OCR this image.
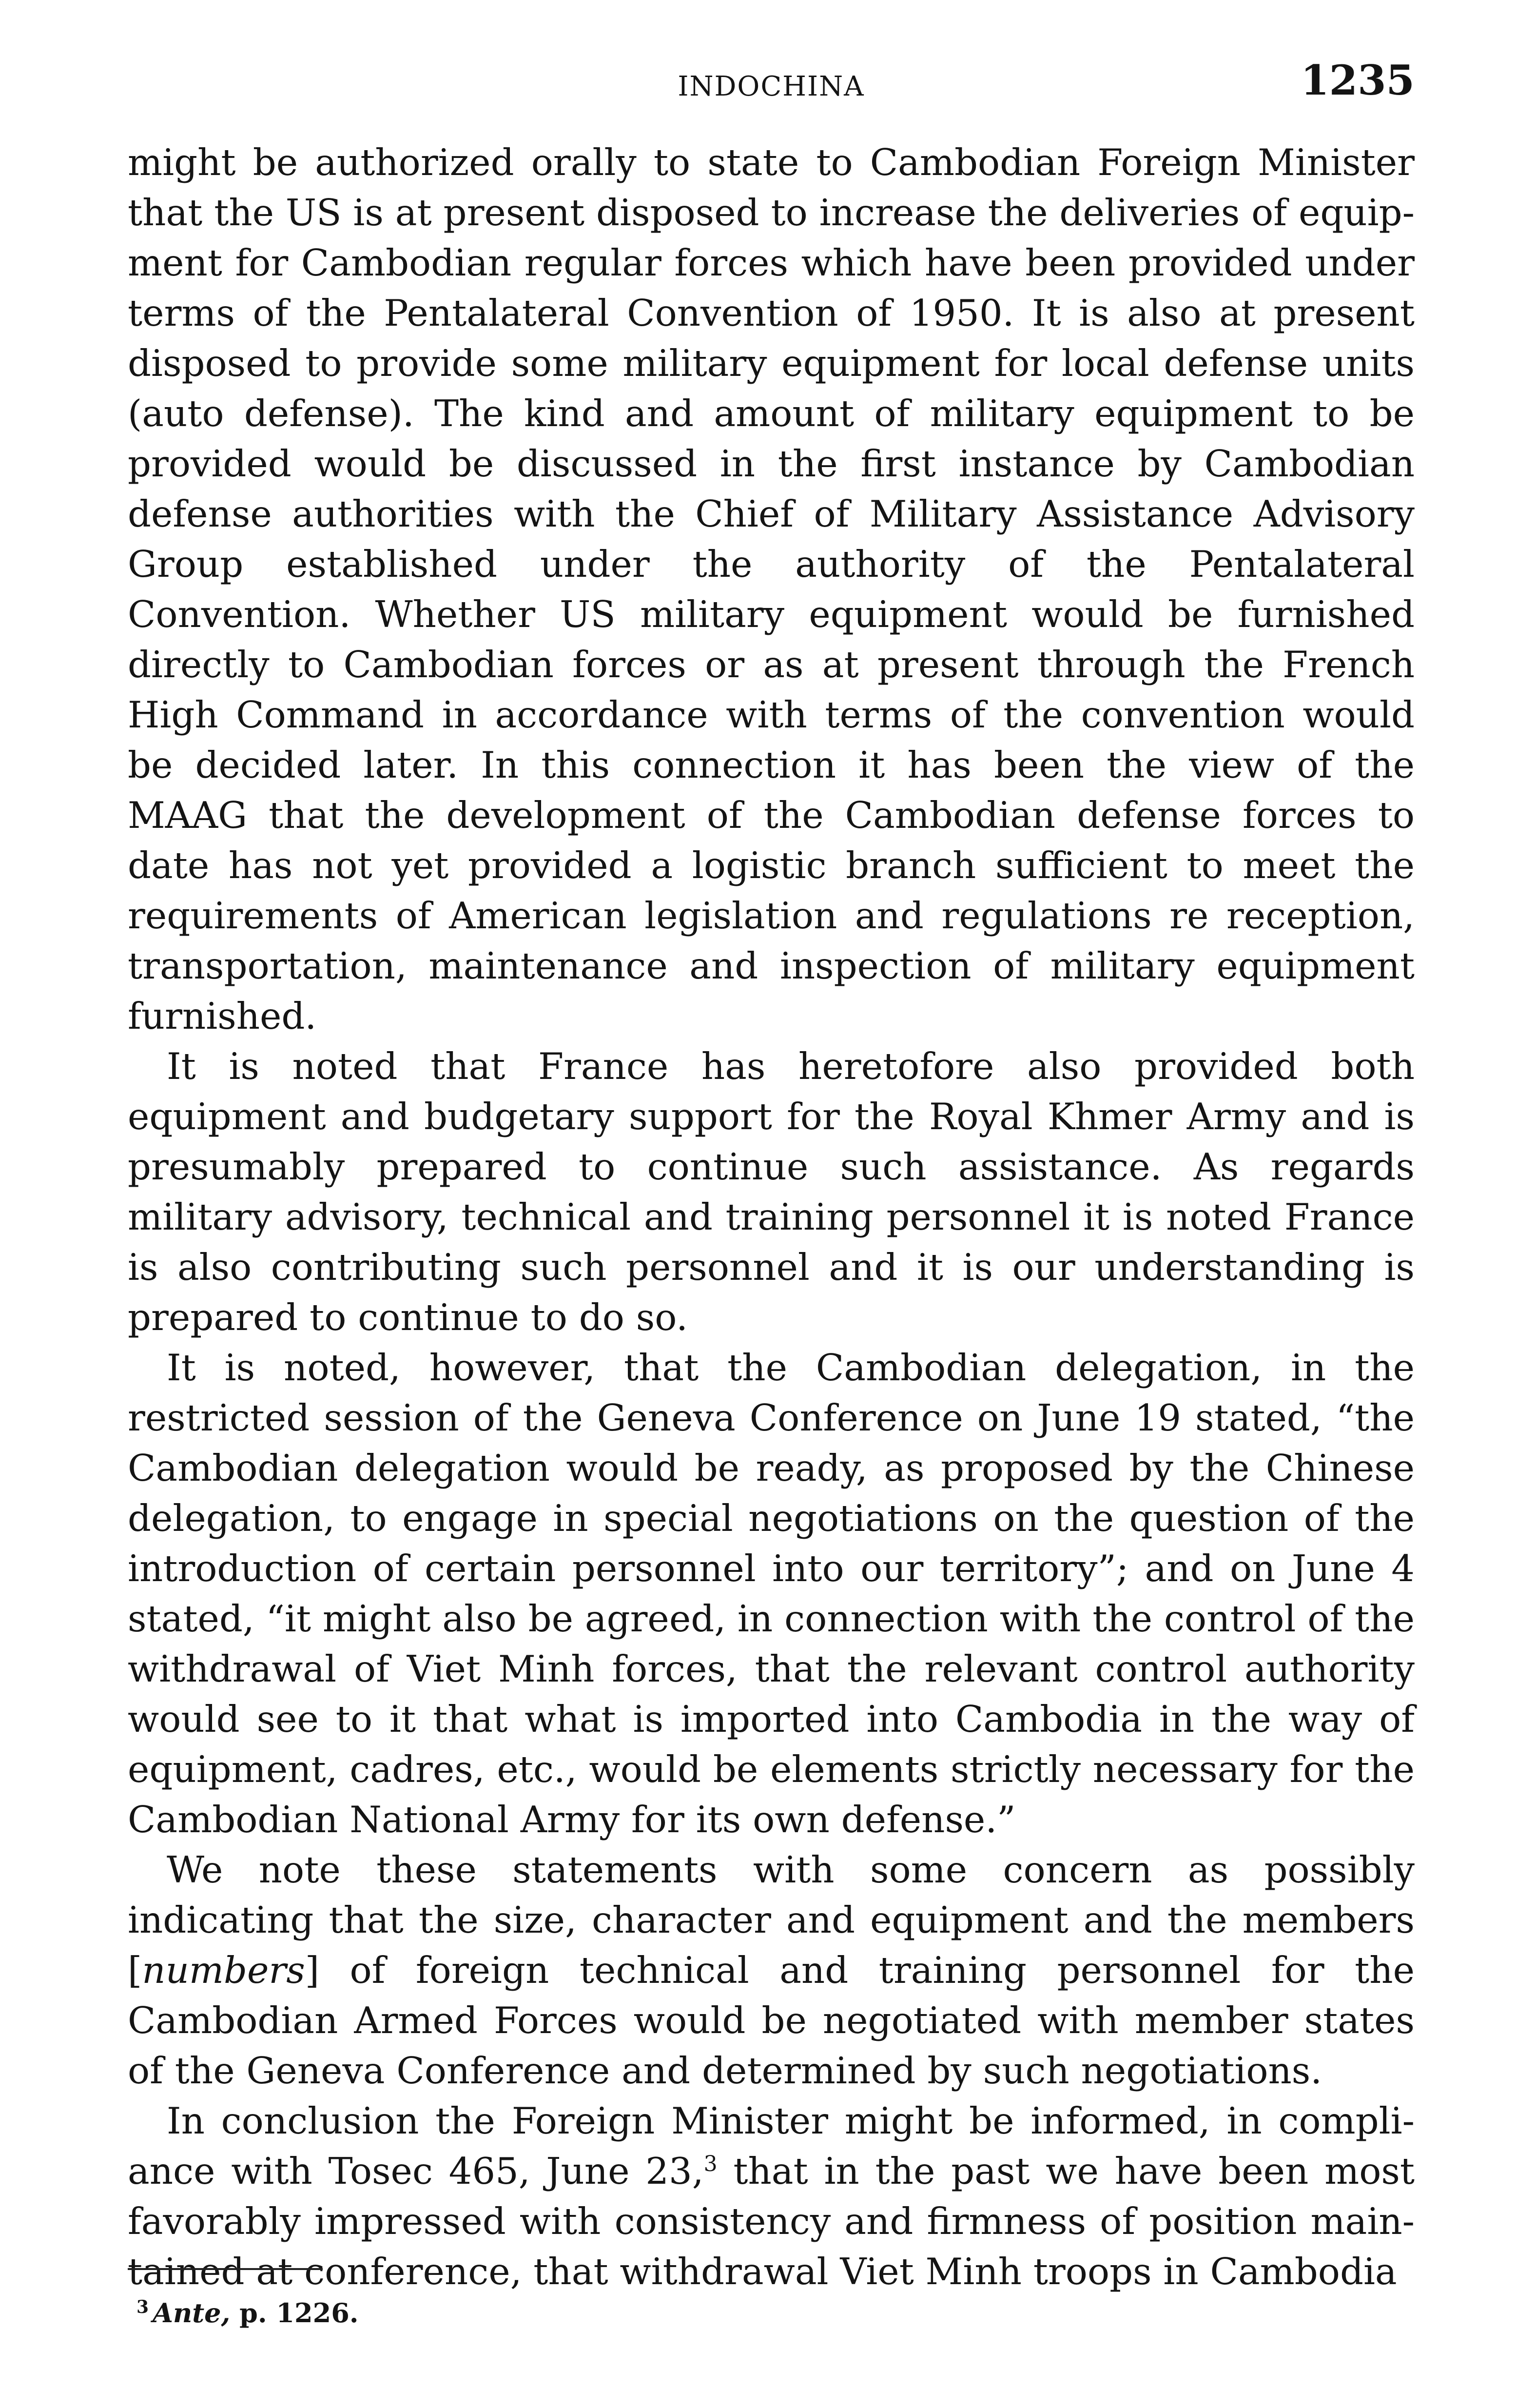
INDOCHINA	1235

might be authorized orally to state to Cambodian Foreign Minister that the US is at present disposed to increase the deliveries of equipment for Cambodian regular forces which have been provided under terms of the Pentalateral Convention of 1950. It is also at present disposed to provide some military equipment for local defense units (auto defense). The kind and amount of military equipment to be provided would be discussed in the first instance by Cambodian defense authorities with the Chief of Military Assistance Advisory Group established under the authority of the Pentalateral Convention. Whether US military equipment would be furnished directly to Cambodian forces or as at present through the French High Command in accordance with terms of the convention would be decided later. In this connection it has been the view of the MAAG that the development of the Cambodian defense forces to date has not yet provided a logistic branch sufficient to meet the requirements of American legislation and regulations re reception, transportation, maintenance and inspection of military equipment furnished.

It is noted that France has heretofore also provided both equipment and budgetary support for the Royal Khmer Army and is presumably prepared to continue such assistance. As regards military advisory, technical and training personnel it is noted France is also contributing such personnel and it is our understanding is prepared to continue to do so.

It is noted, however, that the Cambodian delegation, in the restricted session of the Geneva Conference on June 19 stated, “the Cambodian delegation would be ready, as proposed by the Chinese delegation, to engage in special negotiations on the question of the introduction of certain personnel into our territory”; and on June 4 stated, “it might also be agreed, in connection with the control of the withdrawal of Viet Minh forces, that the relevant control authority would see to it that what is imported into Cambodia in the way of equipment, cadres, etc., would be elements strictly necessary for the Cambodian National Army for its own defense.”

We note these statements with some concern as possibly indicating that the size, character and equipment and the members [numbers] of foreign technical and training personnel for the Cambodian Armed Forces would be negotiated with member states of the Geneva Conference and determined by such negotiations.

In conclusion the Foreign Minister might be informed, in compliance with Tosec 465, June 23,$^3$ that in the past we have been most favorably impressed with consistency and firmness of position maintained at conference, that withdrawal Viet Minh troops in Cambodia

$^3$ Ante, p. 1226.
